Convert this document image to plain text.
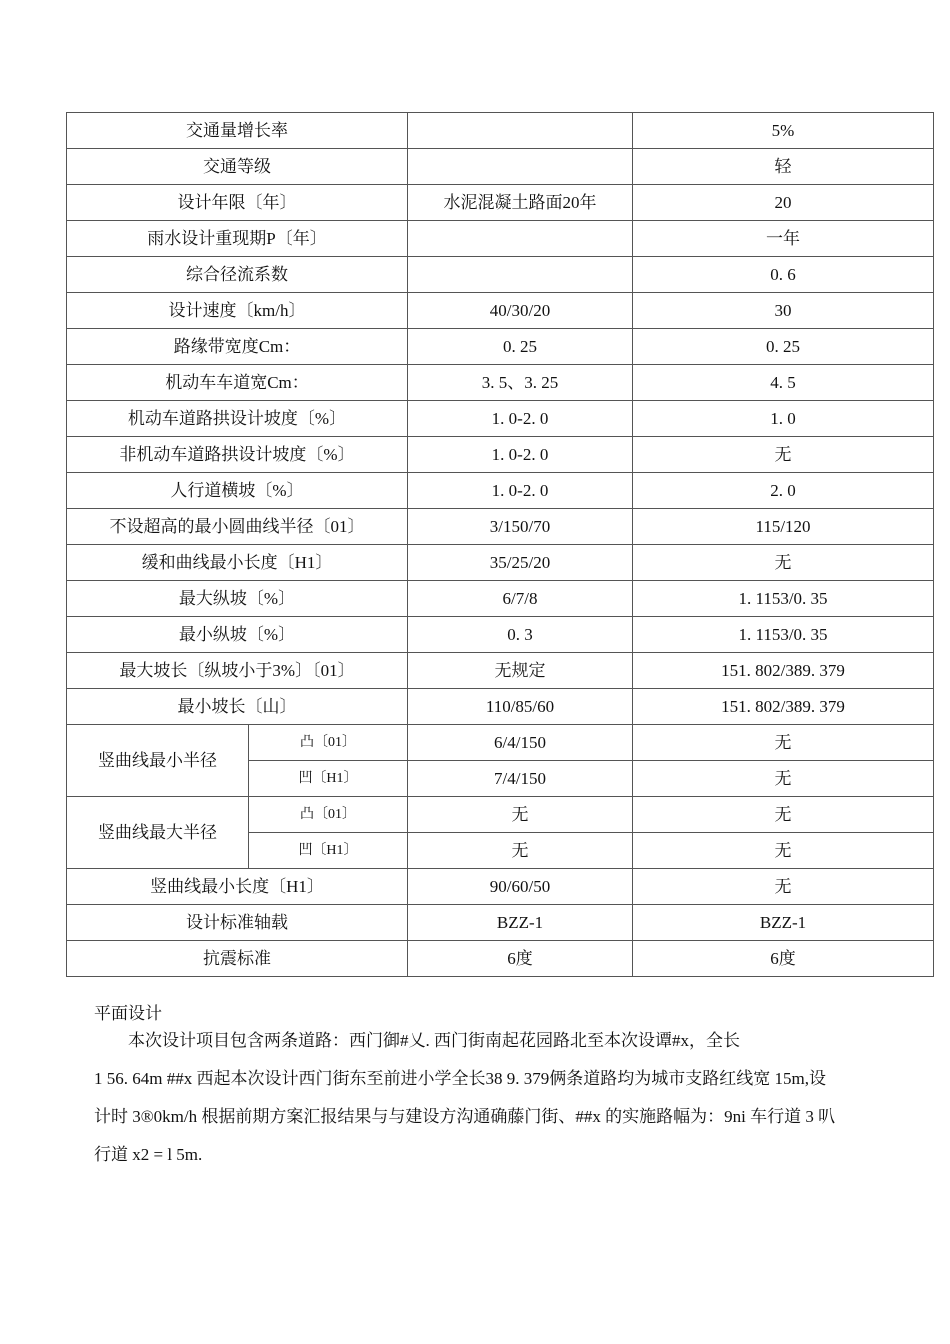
交通量增长率			5%
交通等级			轻
设计年限〔年〕		水泥混凝土路面20年	20
雨水设计重现期P〔年〕			一年
综合径流系数			0. 6
设计速度〔km/h〕		40/30/20	30
路缘带宽度Cm：		0. 25	0. 25
机动车车道宽Cm：		3. 5、3. 25	4. 5
机动车道路拱设计坡度〔%〕		1. 0-2. 0	1. 0
非机动车道路拱设计坡度〔%〕		1. 0-2. 0	无
人行道横坡〔%〕		1. 0-2. 0	2. 0
不设超高的最小圆曲线半径〔01〕		3/150/70	115/120
缓和曲线最小长度〔H1〕		35/25/20	无
最大纵坡〔%〕		6/7/8	1. 1153/0. 35
最小纵坡〔%〕		0. 3	1. 1153/0. 35
最大坡长〔纵坡小于3%〕〔01〕		无规定	151. 802/389. 379
最小坡长〔山〕		110/85/60	151. 802/389. 379
竖曲线最小半径	凸〔01〕	6/4/150	无
	凹〔H1〕	7/4/150	无
竖曲线最大半径	凸〔01〕	无	无
	凹〔H1〕	无	无
竖曲线最小长度〔H1〕		90/60/50	无
设计标准轴载		BZZ-1	BZZ-1
抗震标准		6度	6度
平面设计
本次设计项目包含两条道路：西门御#乂. 西门街南起花园路北至本次设谭#x，全长
1 56. 64m ##x 西起本次设计西门街东至前进小学全长38 9. 379俩条道路均为城市支路红线宽 15m,设
计时 3®0km/h 根据前期方案汇报结果与与建设方沟通确藤门街、##x 的实施路幅为：9ni 车行道 3 叭
行道 x2 = l 5m.
